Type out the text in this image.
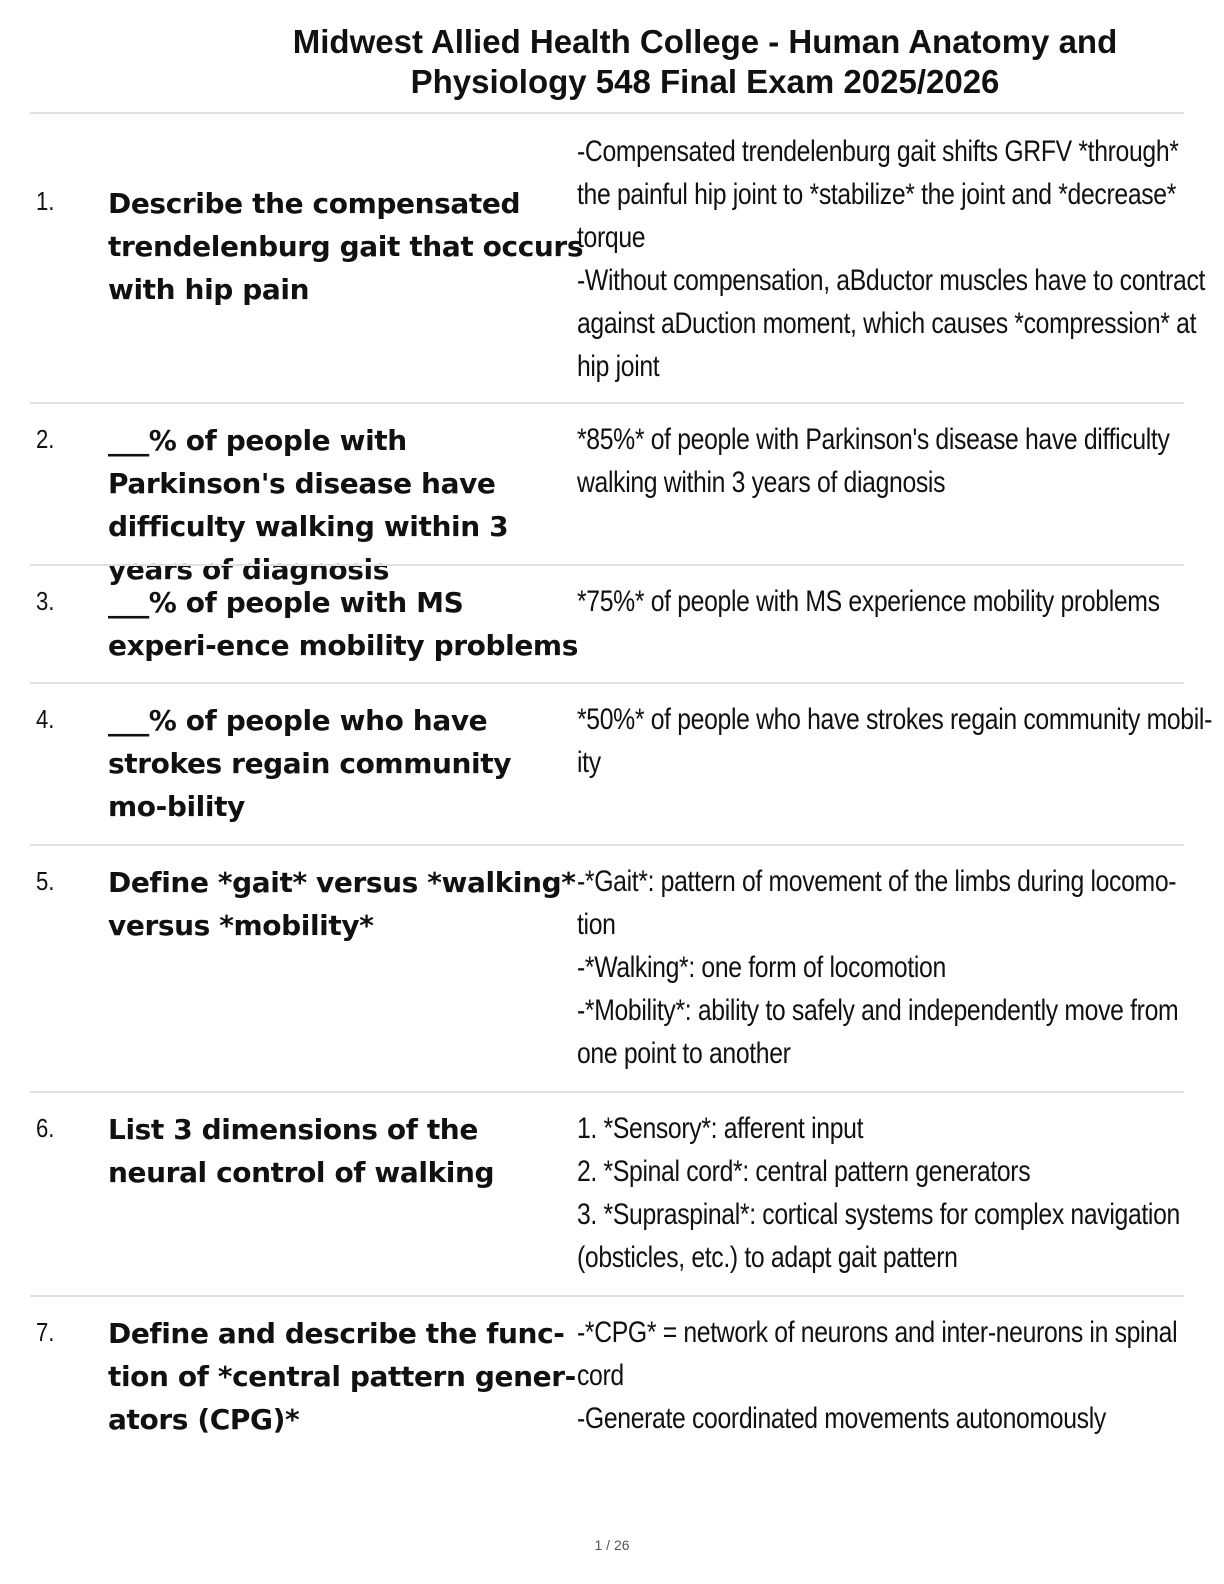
Midwest Allied Health College - Human Anatomy and
Physiology 548 Final Exam 2025/2026
1. Describe the compensated trendelenburg gait that occurs with hip pain
-Compensated trendelenburg gait shifts GRFV *through*
the painful hip joint to *stabilize* the joint and *decrease*
torque
-Without compensation, aBductor muscles have to contract
against aDuction moment, which causes *compression* at
hip joint
2. ___% of people with Parkinson's disease have difficulty walking within 3 years of diagnosis
*85%* of people with Parkinson's disease have difficulty
walking within 3 years of diagnosis
3. ___% of people with MS experi-ence mobility problems
*75%* of people with MS experience mobility problems
4. ___% of people who have strokes regain community mo-bility
*50%* of people who have strokes regain community mobil-
ity
5. Define *gait* versus *walking* versus *mobility*
-*Gait*: pattern of movement of the limbs during locomo-
tion
-*Walking*: one form of locomotion
-*Mobility*: ability to safely and independently move from
one point to another
6. List 3 dimensions of the neural control of walking
1. *Sensory*: afferent input
2. *Spinal cord*: central pattern generators
3. *Supraspinal*: cortical systems for complex navigation
(obsticles, etc.) to adapt gait pattern
7. Define and describe the func-tion of *central pattern gener-ators (CPG)*
-*CPG* = network of neurons and inter-neurons in spinal
cord
-Generate coordinated movements autonomously
1 / 26
